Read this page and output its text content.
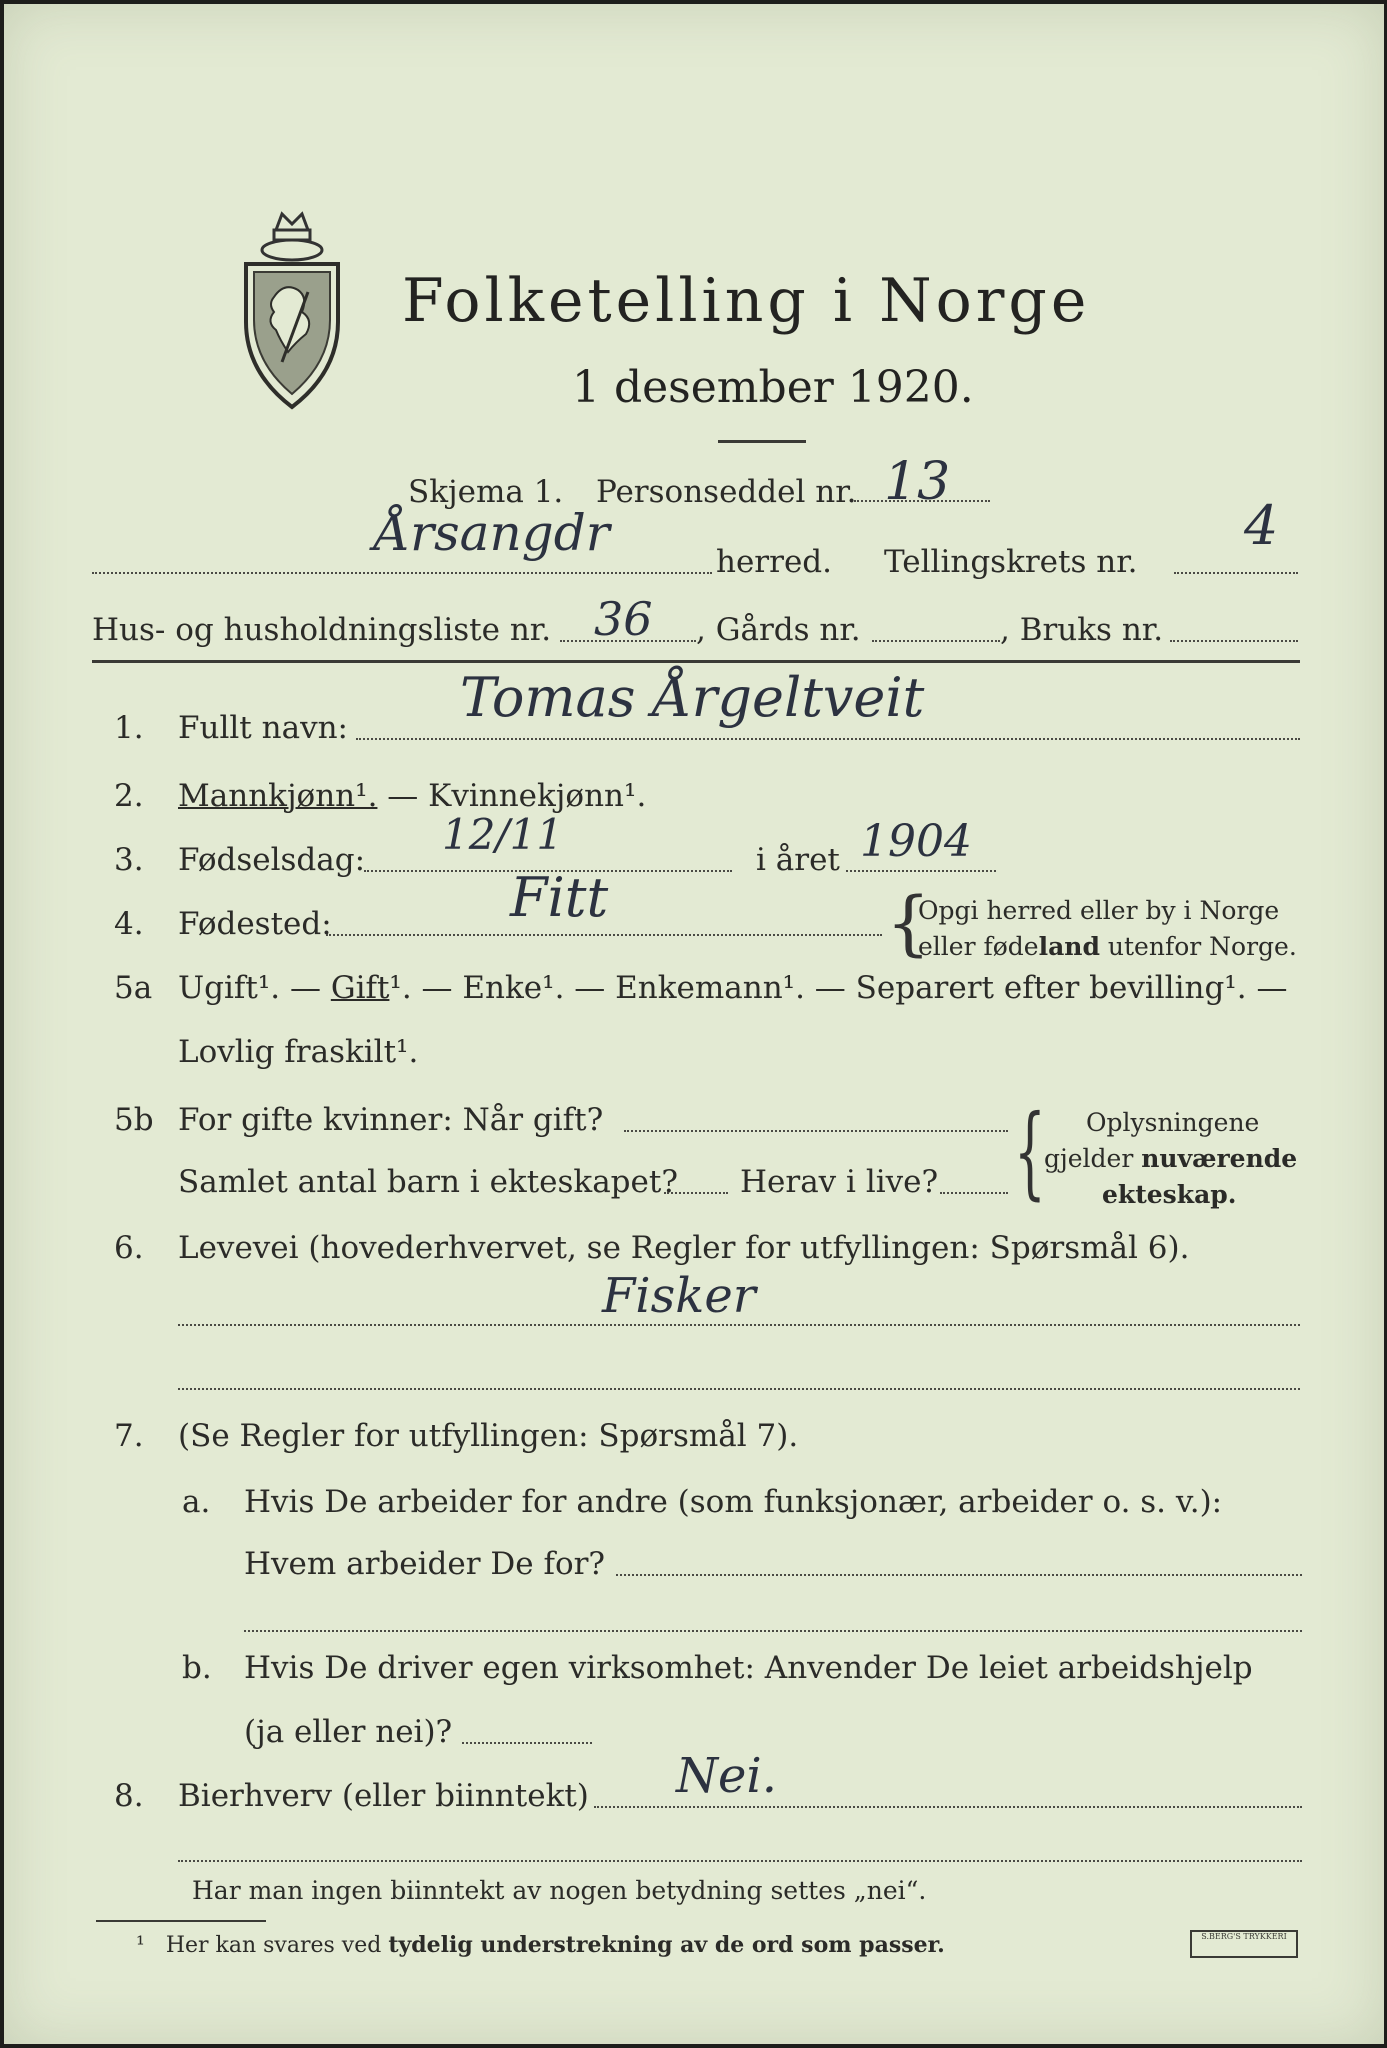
Folketelling i Norge
1 desember 1920.
Skjema 1. Personseddel nr. 13
Årsangdr	herred. Tellingskrets nr.
4
Hus- og husholdningsliste nr. 36 , Gårds nr.	, Bruks nr.
1. Fullt navn: Tomas Årgeltveit
2. Mannkjønn¹. — Kvinnekjønn¹.
3. Fødselsdag:
12/11
i året 1904
4. Fødested:	Fitt	{
Opgi herred eller by i Norge
eller fødeland utenfor Norge.
5a Ugift¹. — Gift¹. — Enke¹. — Enkemann¹. — Separert efter bevilling¹. —
Lovlig fraskilt¹.
5b For gifte kvinner: Når gift?
Samlet antal barn i ekteskapet? Herav i live? { Oplysningene
gjelder nuværende
ekteskap.
6. Levevei (hovederhvervet, se Regler for utfyllingen: Spørsmål 6).
Fisker
7. (Se Regler for utfyllingen: Spørsmål 7).
a. Hvis De arbeider for andre (som funksjonær, arbeider o. s. v.):
Hvem arbeider De for?
b. Hvis De driver egen virksomhet: Anvender De leiet arbeidshjelp
(ja eller nei)?
8. Bierhverv (eller biinntekt) Nei.
Har man ingen biinntekt av nogen betydning settes „nei“.
¹ Her kan svares ved tydelig understrekning av de ord som passer.	S.BERG'S TRYKKERI
